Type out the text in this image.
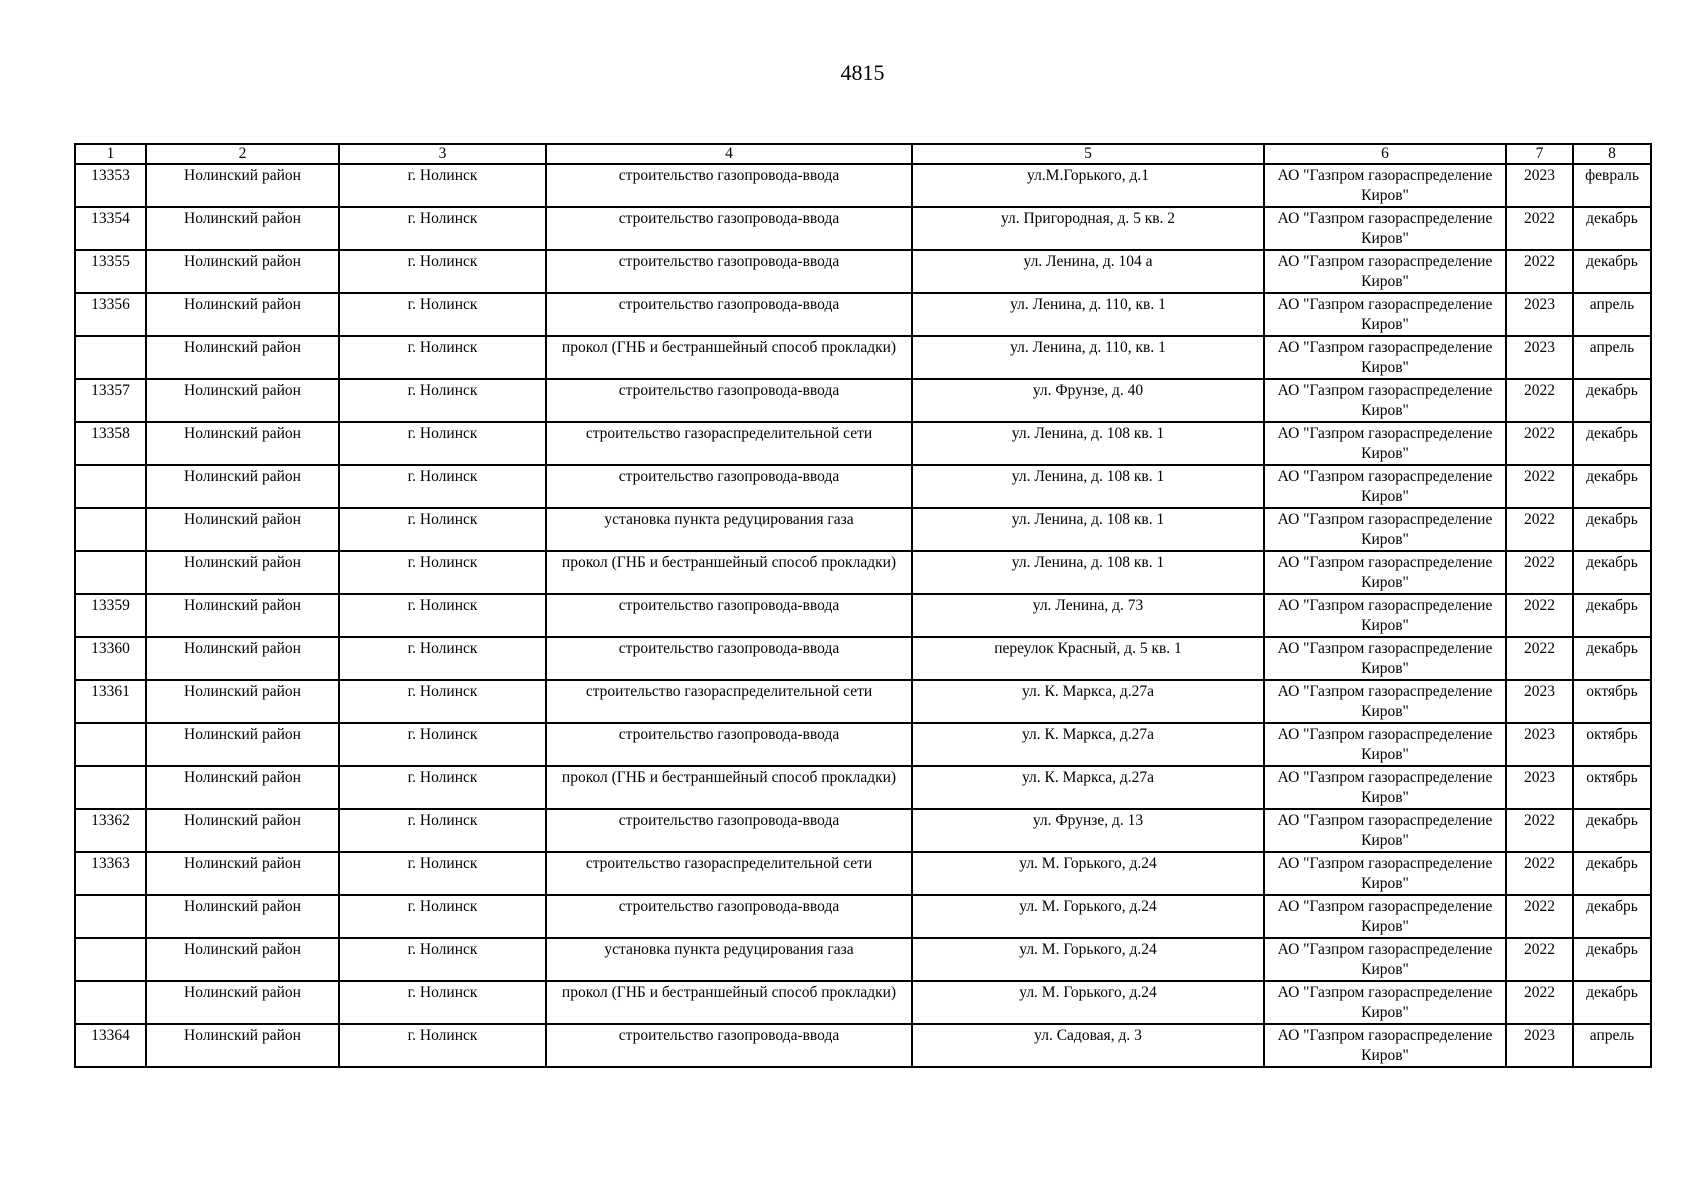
4815
1	2	3	4	5	6	7	8
13353	Нолинский район	г. Нолинск	строительство газопровода-ввода	ул.М.Горького, д.1	АО "Газпром газораспределение Киров"	2023	февраль
13354	Нолинский район	г. Нолинск	строительство газопровода-ввода	ул. Пригородная, д. 5 кв. 2	АО "Газпром газораспределение Киров"	2022	декабрь
13355	Нолинский район	г. Нолинск	строительство газопровода-ввода	ул. Ленина, д. 104 а	АО "Газпром газораспределение Киров"	2022	декабрь
13356	Нолинский район	г. Нолинск	строительство газопровода-ввода	ул. Ленина, д. 110, кв. 1	АО "Газпром газораспределение Киров"	2023	апрель
	Нолинский район	г. Нолинск	прокол (ГНБ и бестраншейный способ прокладки)	ул. Ленина, д. 110, кв. 1	АО "Газпром газораспределение Киров"	2023	апрель
13357	Нолинский район	г. Нолинск	строительство газопровода-ввода	ул. Фрунзе, д. 40	АО "Газпром газораспределение Киров"	2022	декабрь
13358	Нолинский район	г. Нолинск	строительство газораспределительной сети	ул. Ленина, д. 108 кв. 1	АО "Газпром газораспределение Киров"	2022	декабрь
	Нолинский район	г. Нолинск	строительство газопровода-ввода	ул. Ленина, д. 108 кв. 1	АО "Газпром газораспределение Киров"	2022	декабрь
	Нолинский район	г. Нолинск	установка пункта редуцирования газа	ул. Ленина, д. 108 кв. 1	АО "Газпром газораспределение Киров"	2022	декабрь
	Нолинский район	г. Нолинск	прокол (ГНБ и бестраншейный способ прокладки)	ул. Ленина, д. 108 кв. 1	АО "Газпром газораспределение Киров"	2022	декабрь
13359	Нолинский район	г. Нолинск	строительство газопровода-ввода	ул. Ленина, д. 73	АО "Газпром газораспределение Киров"	2022	декабрь
13360	Нолинский район	г. Нолинск	строительство газопровода-ввода	переулок Красный, д. 5 кв. 1	АО "Газпром газораспределение Киров"	2022	декабрь
13361	Нолинский район	г. Нолинск	строительство газораспределительной сети	ул. К. Маркса, д.27а	АО "Газпром газораспределение Киров"	2023	октябрь
	Нолинский район	г. Нолинск	строительство газопровода-ввода	ул. К. Маркса, д.27а	АО "Газпром газораспределение Киров"	2023	октябрь
	Нолинский район	г. Нолинск	прокол (ГНБ и бестраншейный способ прокладки)	ул. К. Маркса, д.27а	АО "Газпром газораспределение Киров"	2023	октябрь
13362	Нолинский район	г. Нолинск	строительство газопровода-ввода	ул. Фрунзе, д. 13	АО "Газпром газораспределение Киров"	2022	декабрь
13363	Нолинский район	г. Нолинск	строительство газораспределительной сети	ул. М. Горького, д.24	АО "Газпром газораспределение Киров"	2022	декабрь
	Нолинский район	г. Нолинск	строительство газопровода-ввода	ул. М. Горького, д.24	АО "Газпром газораспределение Киров"	2022	декабрь
	Нолинский район	г. Нолинск	установка пункта редуцирования газа	ул. М. Горького, д.24	АО "Газпром газораспределение Киров"	2022	декабрь
	Нолинский район	г. Нолинск	прокол (ГНБ и бестраншейный способ прокладки)	ул. М. Горького, д.24	АО "Газпром газораспределение Киров"	2022	декабрь
13364	Нолинский район	г. Нолинск	строительство газопровода-ввода	ул. Садовая, д. 3	АО "Газпром газораспределение Киров"	2023	апрель
